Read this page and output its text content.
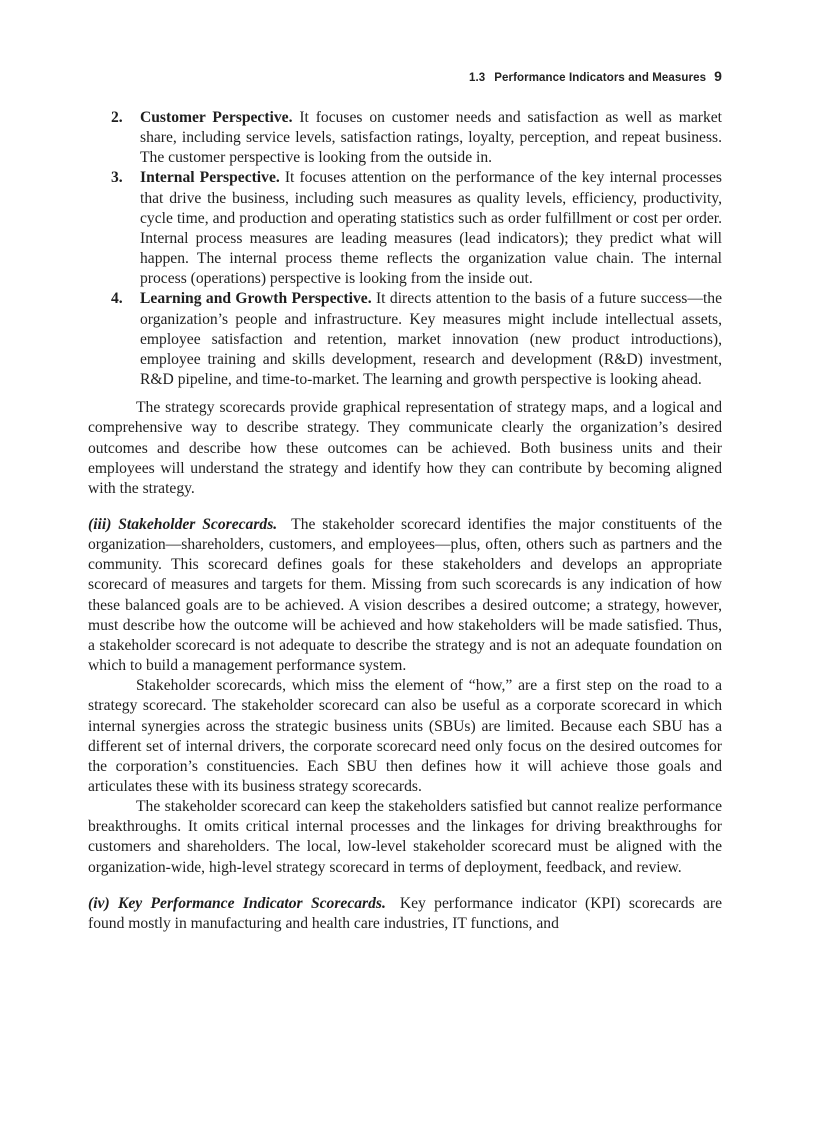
1.3 Performance Indicators and Measures 9
2. Customer Perspective. It focuses on customer needs and satisfaction as well as market share, including service levels, satisfaction ratings, loyalty, perception, and repeat business. The customer perspective is looking from the outside in.
3. Internal Perspective. It focuses attention on the performance of the key internal processes that drive the business, including such measures as quality levels, efficiency, productivity, cycle time, and production and operating statistics such as order fulfillment or cost per order. Internal process measures are leading measures (lead indicators); they predict what will happen. The internal process theme reflects the organization value chain. The internal process (operations) perspective is looking from the inside out.
4. Learning and Growth Perspective. It directs attention to the basis of a future success—the organization’s people and infrastructure. Key measures might include intellectual assets, employee satisfaction and retention, market innovation (new product introductions), employee training and skills development, research and development (R&D) investment, R&D pipeline, and time-to-market. The learning and growth perspective is looking ahead.

The strategy scorecards provide graphical representation of strategy maps, and a logical and comprehensive way to describe strategy. They communicate clearly the organization’s desired outcomes and describe how these outcomes can be achieved. Both business units and their employees will understand the strategy and identify how they can contribute by becoming aligned with the strategy.

(iii) Stakeholder Scorecards. The stakeholder scorecard identifies the major constituents of the organization—shareholders, customers, and employees—plus, often, others such as partners and the community. This scorecard defines goals for these stakeholders and develops an appropriate scorecard of measures and targets for them. Missing from such scorecards is any indication of how these balanced goals are to be achieved. A vision describes a desired outcome; a strategy, however, must describe how the outcome will be achieved and how stakeholders will be made satisfied. Thus, a stakeholder scorecard is not adequate to describe the strategy and is not an adequate foundation on which to build a management performance system.

Stakeholder scorecards, which miss the element of “how,” are a first step on the road to a strategy scorecard. The stakeholder scorecard can also be useful as a corporate scorecard in which internal synergies across the strategic business units (SBUs) are limited. Because each SBU has a different set of internal drivers, the corporate scorecard need only focus on the desired outcomes for the corporation’s constituencies. Each SBU then defines how it will achieve those goals and articulates these with its business strategy scorecards.

The stakeholder scorecard can keep the stakeholders satisfied but cannot realize performance breakthroughs. It omits critical internal processes and the linkages for driving breakthroughs for customers and shareholders. The local, low-level stakeholder scorecard must be aligned with the organization-wide, high-level strategy scorecard in terms of deployment, feedback, and review.

(iv) Key Performance Indicator Scorecards. Key performance indicator (KPI) scorecards are found mostly in manufacturing and health care industries, IT functions, and
